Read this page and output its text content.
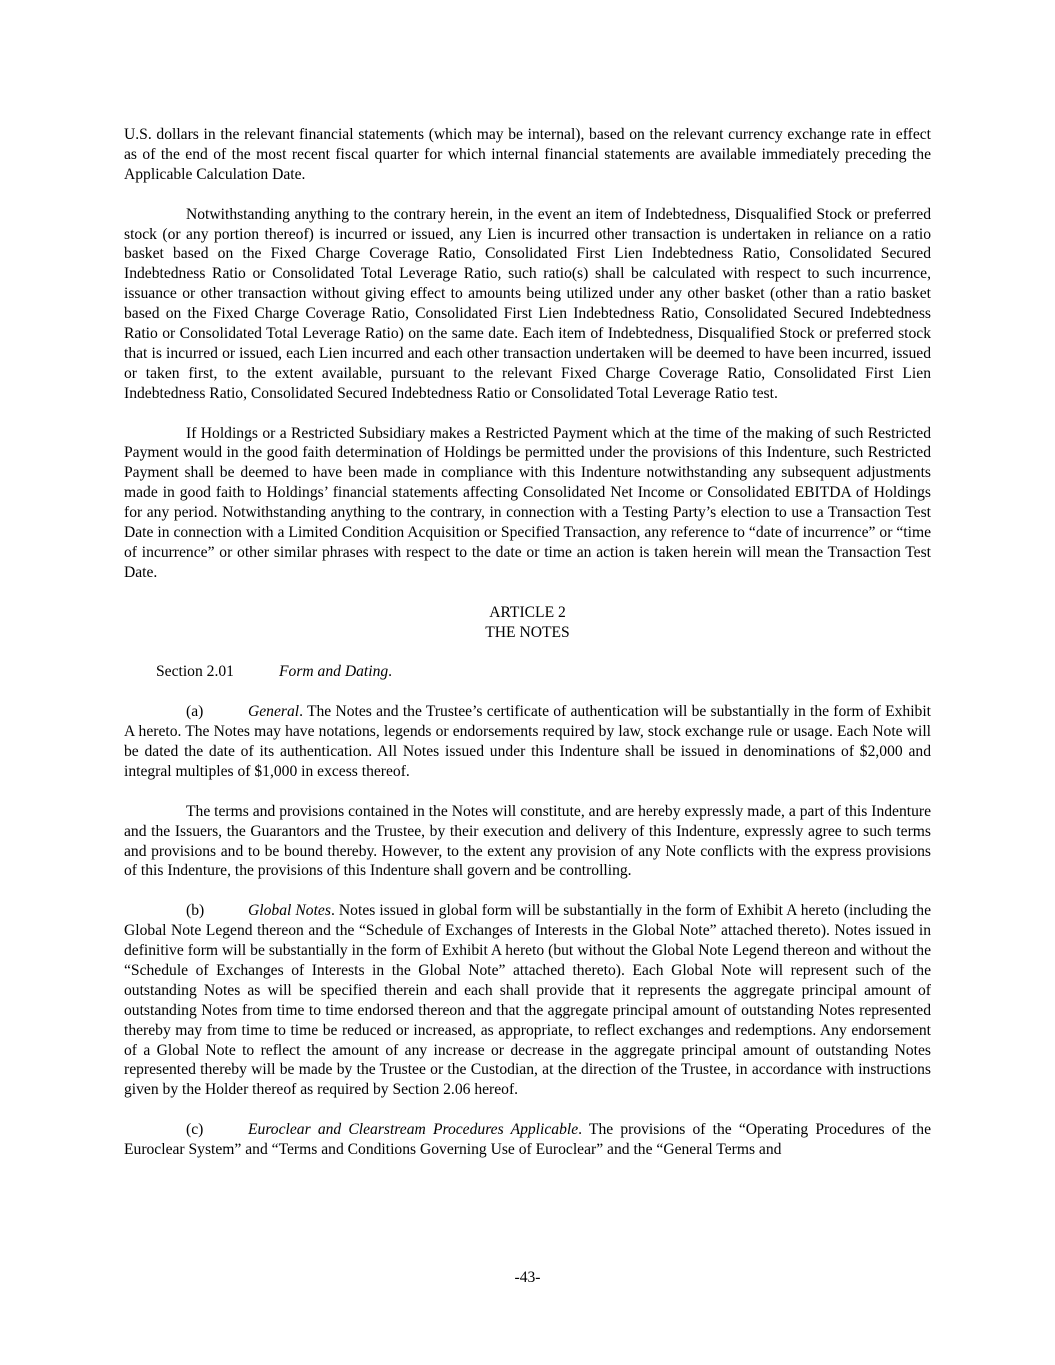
U.S. dollars in the relevant financial statements (which may be internal), based on the relevant currency exchange rate in effect as of the end of the most recent fiscal quarter for which internal financial statements are available immediately preceding the Applicable Calculation Date.

Notwithstanding anything to the contrary herein, in the event an item of Indebtedness, Disqualified Stock or preferred stock (or any portion thereof) is incurred or issued, any Lien is incurred other transaction is undertaken in reliance on a ratio basket based on the Fixed Charge Coverage Ratio, Consolidated First Lien Indebtedness Ratio, Consolidated Secured Indebtedness Ratio or Consolidated Total Leverage Ratio, such ratio(s) shall be calculated with respect to such incurrence, issuance or other transaction without giving effect to amounts being utilized under any other basket (other than a ratio basket based on the Fixed Charge Coverage Ratio, Consolidated First Lien Indebtedness Ratio, Consolidated Secured Indebtedness Ratio or Consolidated Total Leverage Ratio) on the same date. Each item of Indebtedness, Disqualified Stock or preferred stock that is incurred or issued, each Lien incurred and each other transaction undertaken will be deemed to have been incurred, issued or taken first, to the extent available, pursuant to the relevant Fixed Charge Coverage Ratio, Consolidated First Lien Indebtedness Ratio, Consolidated Secured Indebtedness Ratio or Consolidated Total Leverage Ratio test.

If Holdings or a Restricted Subsidiary makes a Restricted Payment which at the time of the making of such Restricted Payment would in the good faith determination of Holdings be permitted under the provisions of this Indenture, such Restricted Payment shall be deemed to have been made in compliance with this Indenture notwithstanding any subsequent adjustments made in good faith to Holdings’ financial statements affecting Consolidated Net Income or Consolidated EBITDA of Holdings for any period. Notwithstanding anything to the contrary, in connection with a Testing Party’s election to use a Transaction Test Date in connection with a Limited Condition Acquisition or Specified Transaction, any reference to “date of incurrence” or “time of incurrence” or other similar phrases with respect to the date or time an action is taken herein will mean the Transaction Test Date.

ARTICLE 2

THE NOTES

Section 2.01	Form and Dating.

(a)	General. The Notes and the Trustee’s certificate of authentication will be substantially in the form of Exhibit A hereto. The Notes may have notations, legends or endorsements required by law, stock exchange rule or usage. Each Note will be dated the date of its authentication. All Notes issued under this Indenture shall be issued in denominations of $2,000 and integral multiples of $1,000 in excess thereof.

The terms and provisions contained in the Notes will constitute, and are hereby expressly made, a part of this Indenture and the Issuers, the Guarantors and the Trustee, by their execution and delivery of this Indenture, expressly agree to such terms and provisions and to be bound thereby. However, to the extent any provision of any Note conflicts with the express provisions of this Indenture, the provisions of this Indenture shall govern and be controlling.

(b)	Global Notes. Notes issued in global form will be substantially in the form of Exhibit A hereto (including the Global Note Legend thereon and the “Schedule of Exchanges of Interests in the Global Note” attached thereto). Notes issued in definitive form will be substantially in the form of Exhibit A hereto (but without the Global Note Legend thereon and without the “Schedule of Exchanges of Interests in the Global Note” attached thereto). Each Global Note will represent such of the outstanding Notes as will be specified therein and each shall provide that it represents the aggregate principal amount of outstanding Notes from time to time endorsed thereon and that the aggregate principal amount of outstanding Notes represented thereby may from time to time be reduced or increased, as appropriate, to reflect exchanges and redemptions. Any endorsement of a Global Note to reflect the amount of any increase or decrease in the aggregate principal amount of outstanding Notes represented thereby will be made by the Trustee or the Custodian, at the direction of the Trustee, in accordance with instructions given by the Holder thereof as required by Section 2.06 hereof.

(c)	Euroclear and Clearstream Procedures Applicable. The provisions of the “Operating Procedures of the Euroclear System” and “Terms and Conditions Governing Use of Euroclear” and the “General Terms and

-43-
